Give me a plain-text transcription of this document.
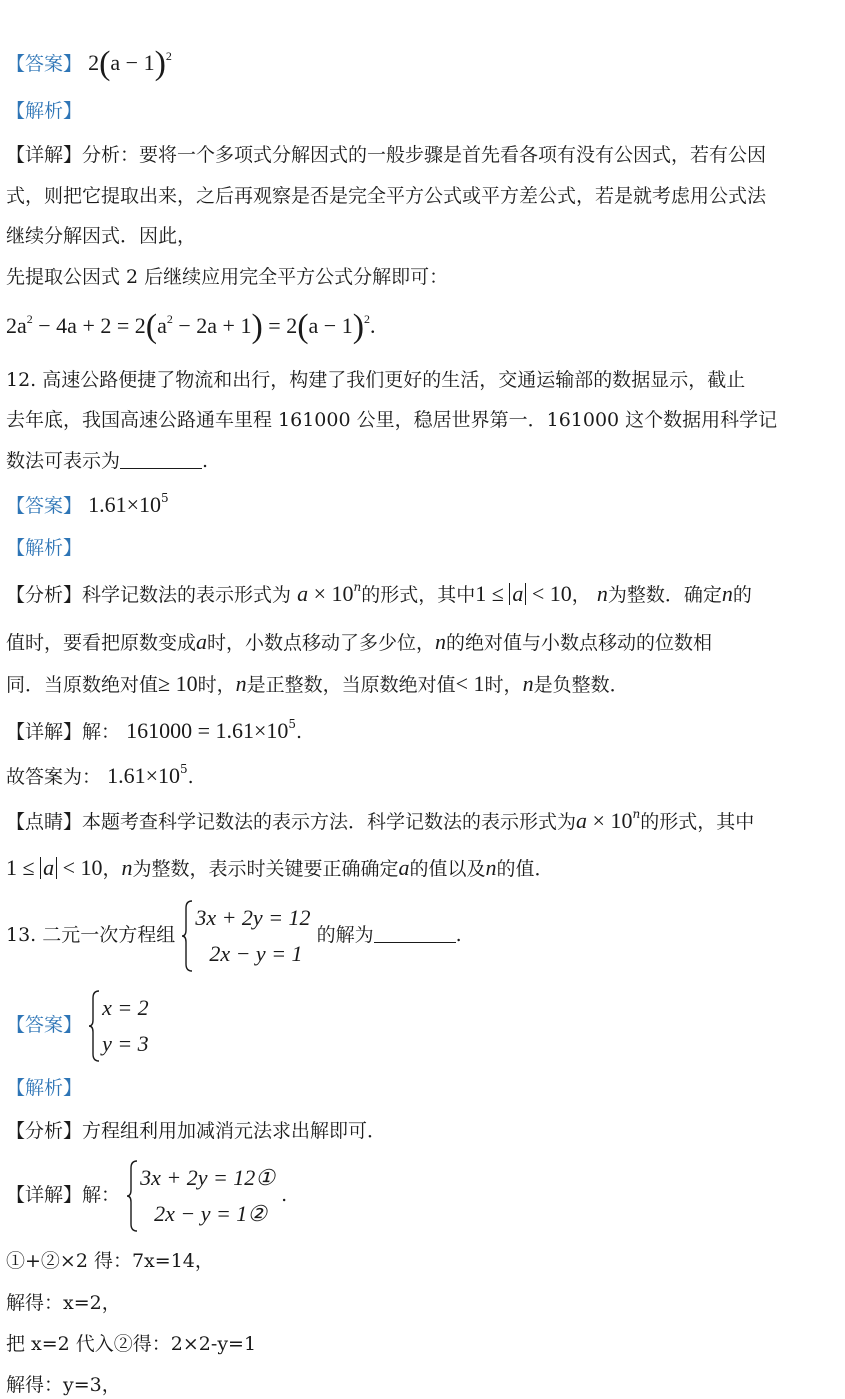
【答案】 $2(a - 1)^2$
【解析】
【详解】分析：要将一个多项式分解因式的一般步骤是首先看各项有没有公因式，若有公因
式，则把它提取出来，之后再观察是否是完全平方公式或平方差公式，若是就考虑用公式法
继续分解因式．因此，
先提取公因式 2 后继续应用完全平方公式分解即可：
$2a^2 - 4a + 2 = 2(a^2 - 2a + 1) = 2(a - 1)^2$.
12. 高速公路便捷了物流和出行，构建了我们更好的生活，交通运输部的数据显示，截止
去年底，我国高速公路通车里程 161000 公里，稳居世界第一．161000 这个数据用科学记
数法可表示为	.
【答案】 $1.61\times 10^5$
【解析】
【分析】科学记数法的表示形式为 $a \times 10^n$的形式，其中1 ≤ a < 10， n为整数．确定n的
值时，要看把原数变成a时，小数点移动了多少位，n的绝对值与小数点移动的位数相
同．当原数绝对值≥ 10时，n是正整数，当原数绝对值< 1时，n是负整数．
【详解】解： $161000 = 1.61\times 10^5$.
故答案为： $1.61\times 10^5$.
【点睛】本题考查科学记数法的表示方法．科学记数法的表示形式为$a \times 10^n$的形式，其中
1 ≤ a < 10，n为整数，表示时关键要正确确定a的值以及n的值．
13. 二元一次方程组
3x + 2y = 12
2x − y = 1
的解为	.
【答案】
x = 2
y = 3
【解析】
【分析】方程组利用加减消元法求出解即可．
【详解】解：
3x + 2y = 12①
2x − y = 1②
.
①+②×2 得：7x=14，
解得：x=2，
把 x=2 代入②得：2×2-y=1
解得：y=3，
